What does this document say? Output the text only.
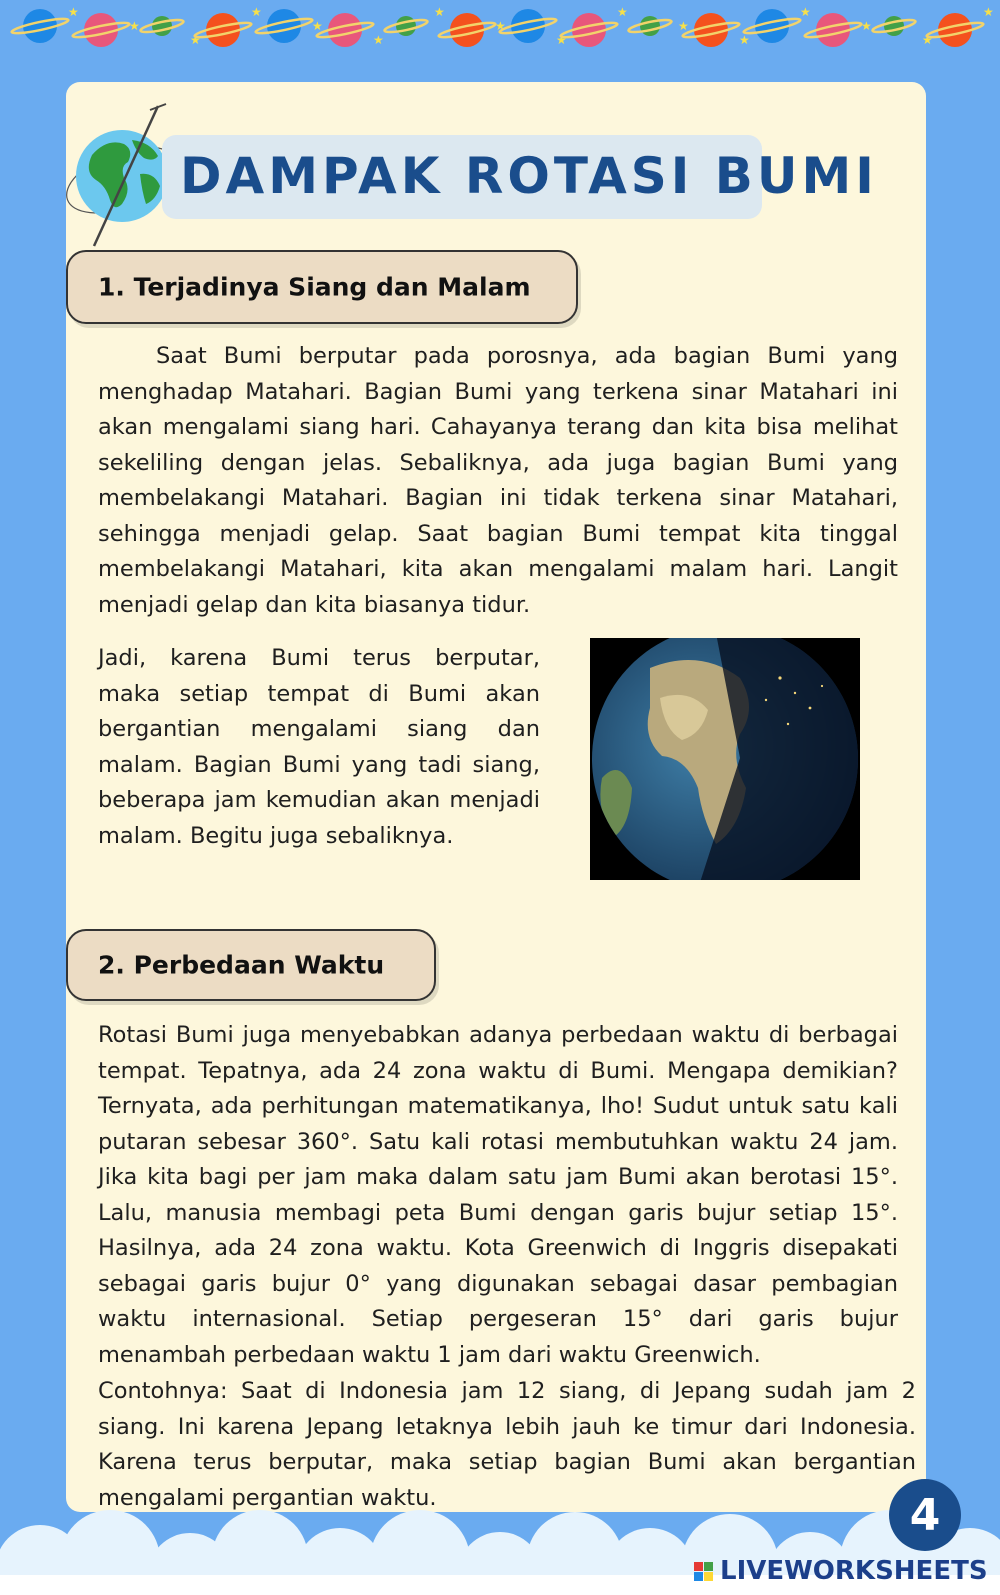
★
★
★
★
★
★
★
★
★
★
★
★
★
★
★
★
DAMPAK ROTASI BUMI
1. Terjadinya Siang dan Malam

Saat Bumi berputar pada porosnya, ada bagian Bumi yang menghadap Matahari. Bagian Bumi yang terkena sinar Matahari ini akan mengalami siang hari. Cahayanya terang dan kita bisa melihat sekeliling dengan jelas. Sebaliknya, ada juga bagian Bumi yang membelakangi Matahari. Bagian ini tidak terkena sinar Matahari, sehingga menjadi gelap. Saat bagian Bumi tempat kita tinggal membelakangi Matahari, kita akan mengalami malam hari. Langit menjadi gelap dan kita biasanya tidur.

Jadi, karena Bumi terus berputar, maka setiap tempat di Bumi akan bergantian mengalami siang dan malam. Bagian Bumi yang tadi siang, beberapa jam kemudian akan menjadi malam. Begitu juga sebaliknya.

2. Perbedaan Waktu

Rotasi Bumi juga menyebabkan adanya perbedaan waktu di berbagai tempat. Tepatnya, ada 24 zona waktu di Bumi. Mengapa demikian? Ternyata, ada perhitungan matematikanya, lho! Sudut untuk satu kali putaran sebesar 360°. Satu kali rotasi membutuhkan waktu 24 jam. Jika kita bagi per jam maka dalam satu jam Bumi akan berotasi 15°. Lalu, manusia membagi peta Bumi dengan garis bujur setiap 15°. Hasilnya, ada 24 zona waktu. Kota Greenwich di Inggris disepakati sebagai garis bujur 0° yang digunakan sebagai dasar pembagian waktu internasional. Setiap pergeseran 15° dari garis bujur menambah perbedaan waktu 1 jam dari waktu Greenwich.

Contohnya: Saat di Indonesia jam 12 siang, di Jepang sudah jam 2 siang. Ini karena Jepang letaknya lebih jauh ke timur dari Indonesia. Karena terus berputar, maka setiap bagian Bumi akan bergantian mengalami pergantian waktu.	4
LIVEWORKSHEETS
